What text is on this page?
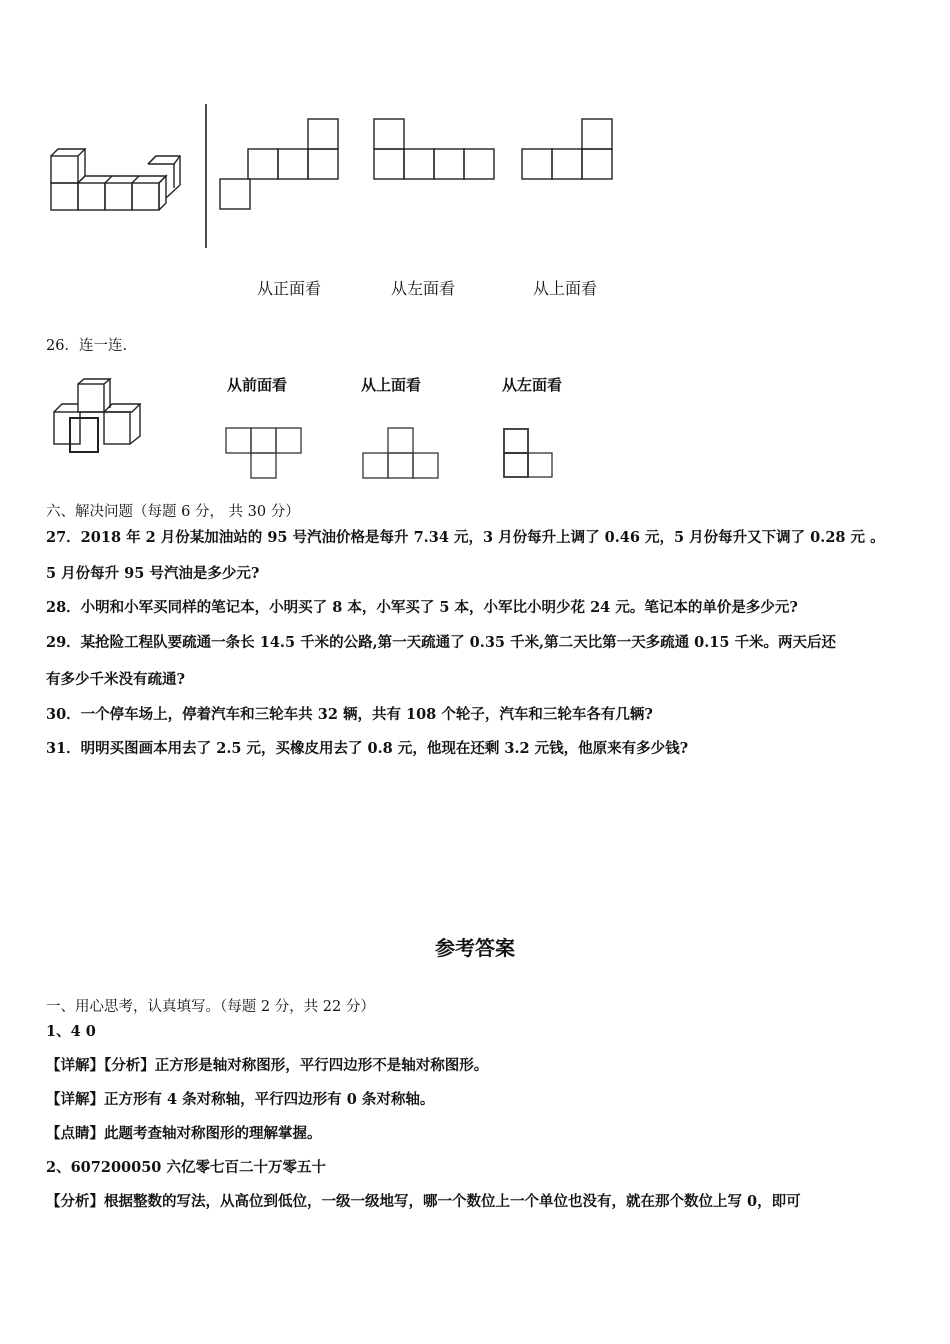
从正面看	从左面看	从上面看
26．连一连.
从前面看	从上面看	从左面看
六、解决问题（每题 6 分， 共 30 分）
27．2018 年 2 月份某加油站的 95 号汽油价格是每升 7.34 元，3 月份每升上调了 0.46 元，5 月份每升又下调了 0.28 元 。
5 月份每升 95 号汽油是多少元?
28．小明和小军买同样的笔记本，小明买了 8 本，小军买了 5 本，小军比小明少花 24 元。笔记本的单价是多少元?
29．某抢险工程队要疏通一条长 14.5 千米的公路,第一天疏通了 0.35 千米,第二天比第一天多疏通 0.15 千米。两天后还
有多少千米没有疏通?
30．一个停车场上，停着汽车和三轮车共 32 辆，共有 108 个轮子，汽车和三轮车各有几辆?
31．明明买图画本用去了 2.5 元，买橡皮用去了 0.8 元，他现在还剩 3.2 元钱，他原来有多少钱?
参考答案
一、用心思考，认真填写。（每题 2 分，共 22 分）
1、4 0
【详解】【分析】正方形是轴对称图形，平行四边形不是轴对称图形。
【详解】正方形有 4 条对称轴，平行四边形有 0 条对称轴。
【点睛】此题考查轴对称图形的理解掌握。
2、607200050 六亿零七百二十万零五十
【分析】根据整数的写法，从高位到低位，一级一级地写，哪一个数位上一个单位也没有，就在那个数位上写 0，即可
